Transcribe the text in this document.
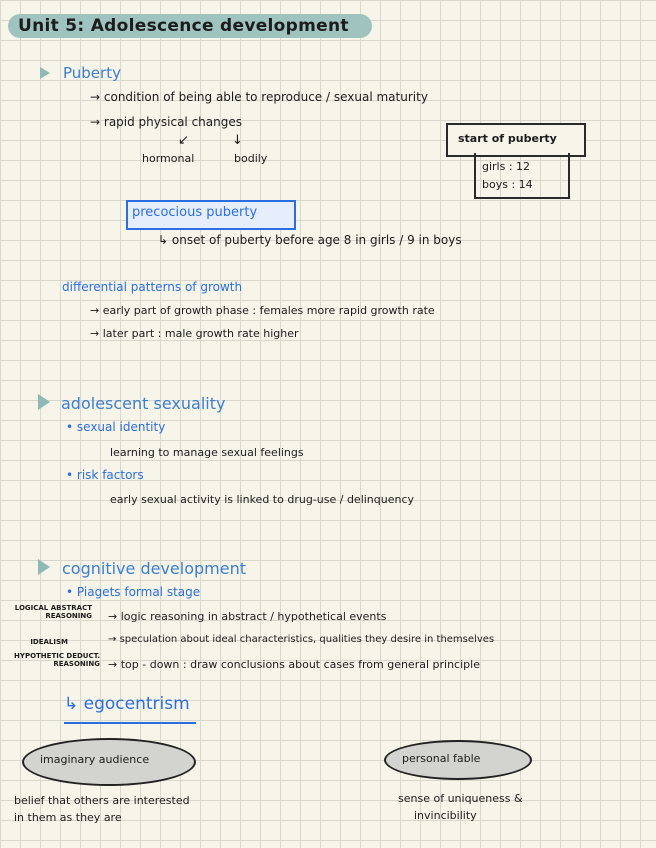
Unit 5: Adolescence development
Puberty
→ condition of being able to reproduce / sexual maturity
→ rapid physical changes
↙	↓
hormonal	bodily
start of puberty
girls : 12
boys : 14
precocious puberty
↳ onset of puberty before age 8 in girls / 9 in boys
differential patterns of growth
→ early part of growth phase : females more rapid growth rate
→ later part : male growth rate higher
adolescent sexuality
• sexual identity
learning to manage sexual feelings
• risk factors
early sexual activity is linked to drug-use / delinquency
cognitive development
• Piagets formal stage
LOGICAL ABSTRACT REASONING → logic reasoning in abstract / hypothetical events
IDEALISM	→ speculation about ideal characteristics, qualities they desire in themselves
HYPOTHETIC DEDUCT. REASONING → top - down : draw conclusions about cases from general principle
↳ egocentrism
imaginary audience
belief that others are interested
in them as they are
personal fable
sense of uniqueness &
invincibility
